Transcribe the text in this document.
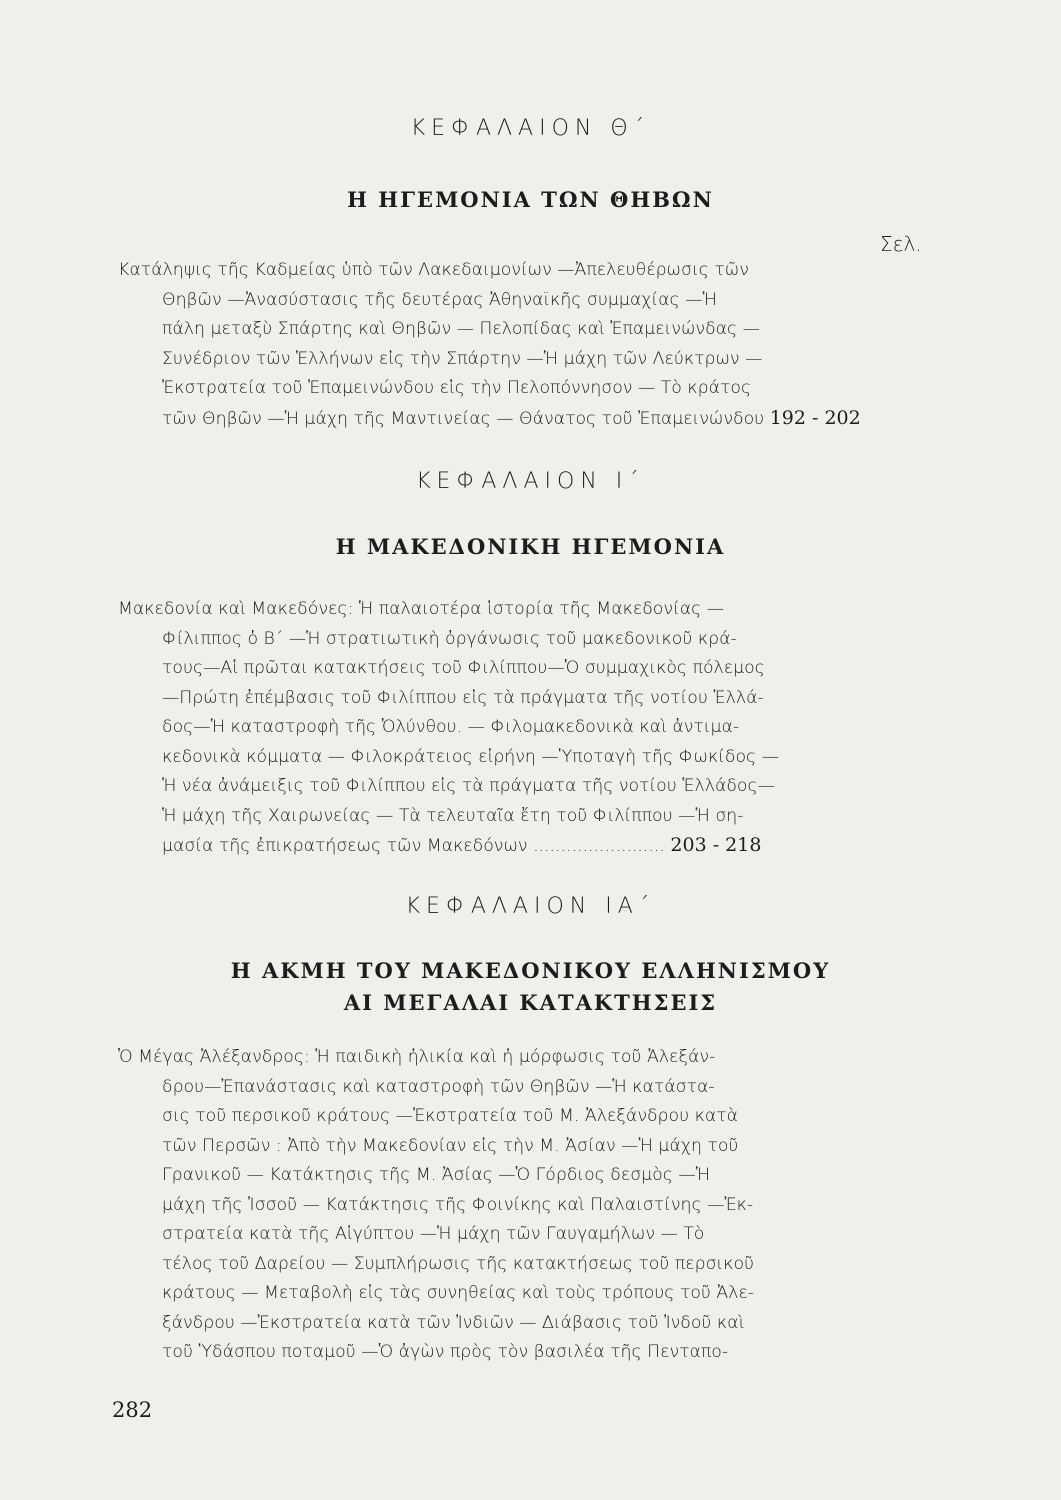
ΚΕΦΑΛΑΙΟΝ Θ΄
Η ΗΓΕΜΟΝΙΑ ΤΩΝ ΘΗΒΩΝ
Σελ.
Κατάληψις τῆς Καδμείας ὑπὸ τῶν Λακεδαιμονίων —Ἀπελευθέρωσις τῶν
Θηβῶν —Ἀνασύστασις τῆς δευτέρας Ἀθηναϊκῆς συμμαχίας —Ἡ
πάλη μεταξὺ Σπάρτης καὶ Θηβῶν — Πελοπίδας καὶ Ἐπαμεινώνδας —
Συνέδριον τῶν Ἑλλήνων εἰς τὴν Σπάρτην —Ἡ μάχη τῶν Λεύκτρων —
Ἐκστρατεία τοῦ Ἐπαμεινώνδου εἰς τὴν Πελοπόννησον — Τὸ κράτος
τῶν Θηβῶν —Ἡ μάχη τῆς Μαντινείας — Θάνατος τοῦ Ἐπαμεινώνδου 192 - 202
ΚΕΦΑΛΑΙΟΝ Ι΄
Η ΜΑΚΕΔΟΝΙΚΗ ΗΓΕΜΟΝΙΑ
Μακεδονία καὶ Μακεδόνες: Ἡ παλαιοτέρα ἱστορία τῆς Μακεδονίας —
Φίλιππος ὁ Β΄ —Ἡ στρατιωτικὴ ὀργάνωσις τοῦ μακεδονικοῦ κρά-
τους—Αἱ πρῶται κατακτήσεις τοῦ Φιλίππου—Ὁ συμμαχικὸς πόλεμος
—Πρώτη ἐπέμβασις τοῦ Φιλίππου εἰς τὰ πράγματα τῆς νοτίου Ἑλλά-
δος—Ἡ καταστροφὴ τῆς Ὀλύνθου. — Φιλομακεδονικὰ καὶ ἀντιμα-
κεδονικὰ κόμματα — Φιλοκράτειος εἰρήνη —Ὑποταγὴ τῆς Φωκίδος —
Ἡ νέα ἀνάμειξις τοῦ Φιλίππου εἰς τὰ πράγματα τῆς νοτίου Ἑλλάδος—
Ἡ μάχη τῆς Χαιρωνείας — Τὰ τελευταῖα ἔτη τοῦ Φιλίππου —Ἡ ση-
μασία τῆς ἐπικρατήσεως τῶν Μακεδόνων ........................ 203 - 218
ΚΕΦΑΛΑΙΟΝ ΙΑ΄
Η ΑΚΜΗ ΤΟΥ ΜΑΚΕΔΟΝΙΚΟΥ ΕΛΛΗΝΙΣΜΟΥ
ΑΙ ΜΕΓΑΛΑΙ ΚΑΤΑΚΤΗΣΕΙΣ
Ὁ Μέγας Ἀλέξανδρος: Ἡ παιδικὴ ἡλικία καὶ ἡ μόρφωσις τοῦ Ἀλεξάν-
δρου—Ἐπανάστασις καὶ καταστροφὴ τῶν Θηβῶν —Ἡ κατάστα-
σις τοῦ περσικοῦ κράτους —Ἐκστρατεία τοῦ Μ. Ἀλεξάνδρου κατὰ
τῶν Περσῶν : Ἀπὸ τὴν Μακεδονίαν εἰς τὴν Μ. Ἀσίαν —Ἡ μάχη τοῦ
Γρανικοῦ — Κατάκτησις τῆς Μ. Ἀσίας —Ὁ Γόρδιος δεσμὸς —Ἡ
μάχη τῆς Ἰσσοῦ — Κατάκτησις τῆς Φοινίκης καὶ Παλαιστίνης —Ἐκ-
στρατεία κατὰ τῆς Αἰγύπτου —Ἡ μάχη τῶν Γαυγαμήλων — Τὸ
τέλος τοῦ Δαρείου — Συμπλήρωσις τῆς κατακτήσεως τοῦ περσικοῦ
κράτους — Μεταβολὴ εἰς τὰς συνηθείας καὶ τοὺς τρόπους τοῦ Ἀλε-
ξάνδρου —Ἐκστρατεία κατὰ τῶν Ἰνδιῶν — Διάβασις τοῦ Ἰνδοῦ καὶ
τοῦ Ὑδάσπου ποταμοῦ —Ὁ ἀγὼν πρὸς τὸν βασιλέα τῆς Πενταπο-
282
